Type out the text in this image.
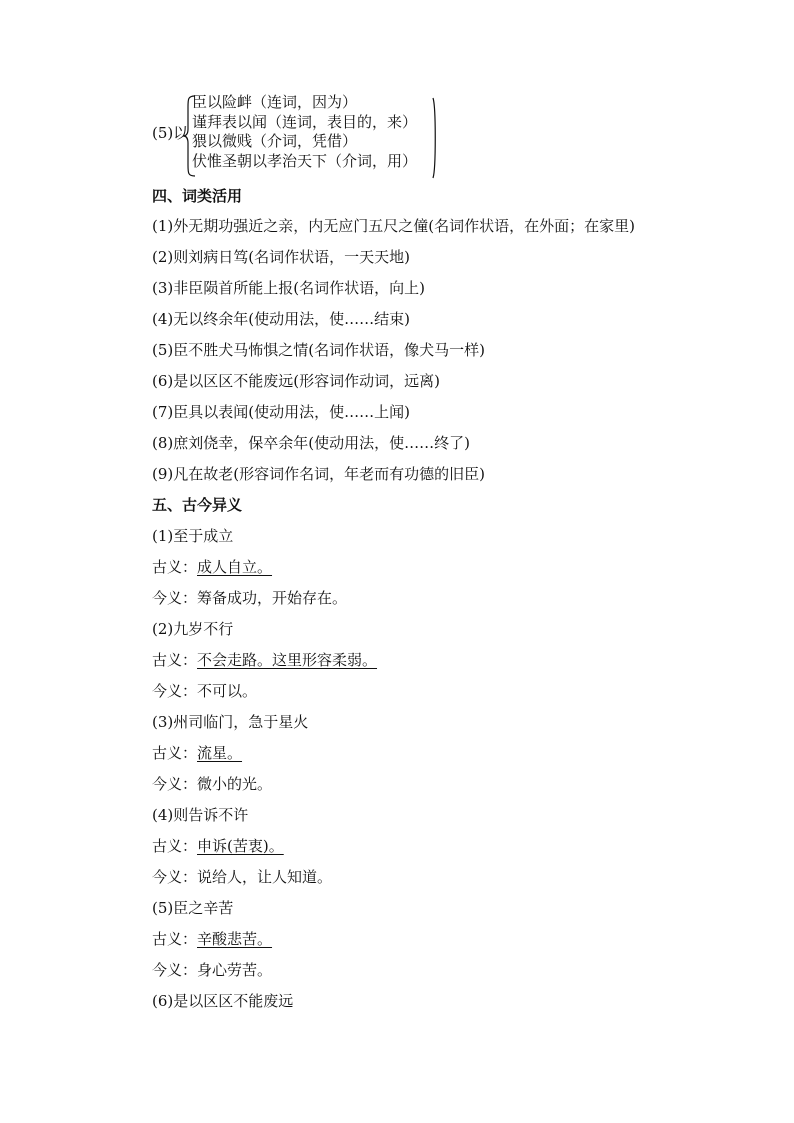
(5)以
臣以险衅（连词，因为）
谨拜表以闻（连词，表目的，来）
猥以微贱（介词，凭借）
伏惟圣朝以孝治天下（介词，用）
四、词类活用
(1)外无期功强近之亲，内无应门五尺之僮(名词作状语，在外面；在家里)
(2)则刘病日笃(名词作状语，一天天地)
(3)非臣陨首所能上报(名词作状语，向上)
(4)无以终余年(使动用法，使……结束)
(5)臣不胜犬马怖惧之情(名词作状语，像犬马一样)
(6)是以区区不能废远(形容词作动词，远离)
(7)臣具以表闻(使动用法，使……上闻)
(8)庶刘侥幸，保卒余年(使动用法，使……终了)
(9)凡在故老(形容词作名词，年老而有功德的旧臣)
五、古今异义
(1)至于成立
古义：成人自立。
今义：筹备成功，开始存在。
(2)九岁不行
古义：不会走路。这里形容柔弱。
今义：不可以。
(3)州司临门，急于星火
古义：流星。
今义：微小的光。
(4)则告诉不许
古义：申诉(苦衷)。
今义：说给人，让人知道。
(5)臣之辛苦
古义：辛酸悲苦。
今义：身心劳苦。
(6)是以区区不能废远
